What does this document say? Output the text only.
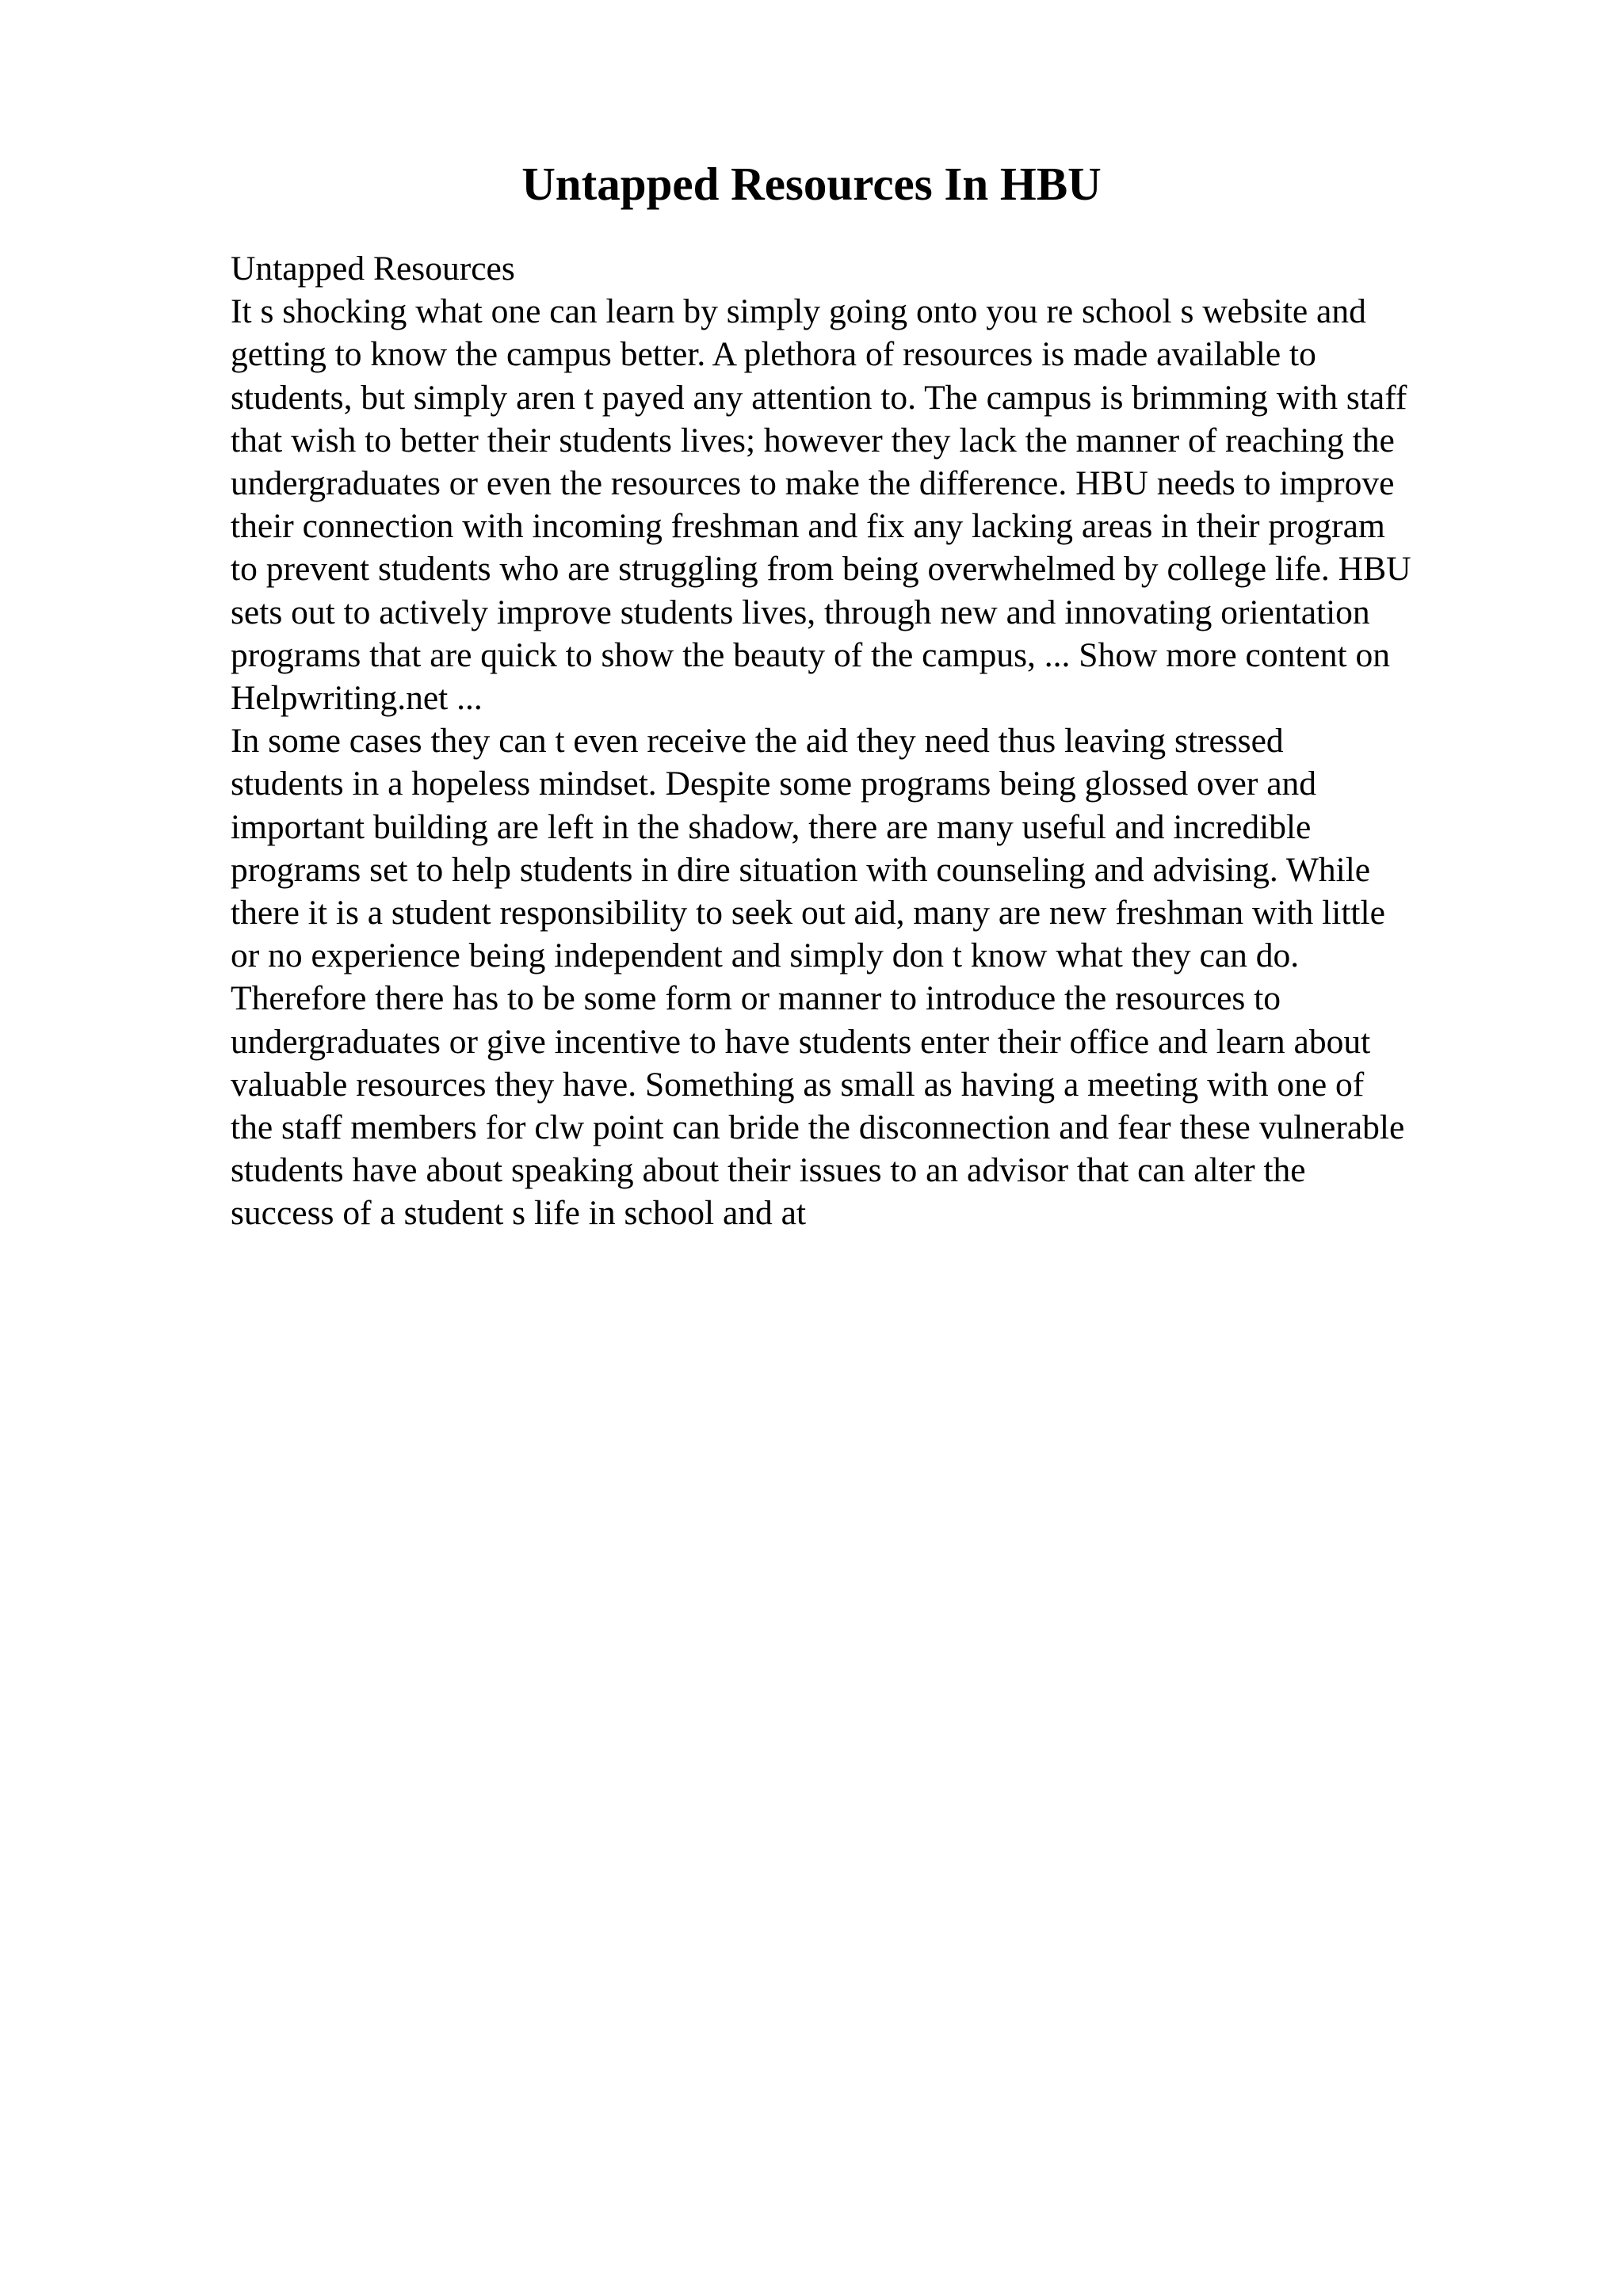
Untapped Resources In HBU
Untapped Resources
It s shocking what one can learn by simply going onto you re school s website and
getting to know the campus better. A plethora of resources is made available to
students, but simply aren t payed any attention to. The campus is brimming with staff
that wish to better their students lives; however they lack the manner of reaching the
undergraduates or even the resources to make the difference. HBU needs to improve
their connection with incoming freshman and fix any lacking areas in their program
to prevent students who are struggling from being overwhelmed by college life. HBU
sets out to actively improve students lives, through new and innovating orientation
programs that are quick to show the beauty of the campus, ... Show more content on
Helpwriting.net ...
In some cases they can t even receive the aid they need thus leaving stressed
students in a hopeless mindset. Despite some programs being glossed over and
important building are left in the shadow, there are many useful and incredible
programs set to help students in dire situation with counseling and advising. While
there it is a student responsibility to seek out aid, many are new freshman with little
or no experience being independent and simply don t know what they can do.
Therefore there has to be some form or manner to introduce the resources to
undergraduates or give incentive to have students enter their office and learn about
valuable resources they have. Something as small as having a meeting with one of
the staff members for clw point can bride the disconnection and fear these vulnerable
students have about speaking about their issues to an advisor that can alter the
success of a student s life in school and at
